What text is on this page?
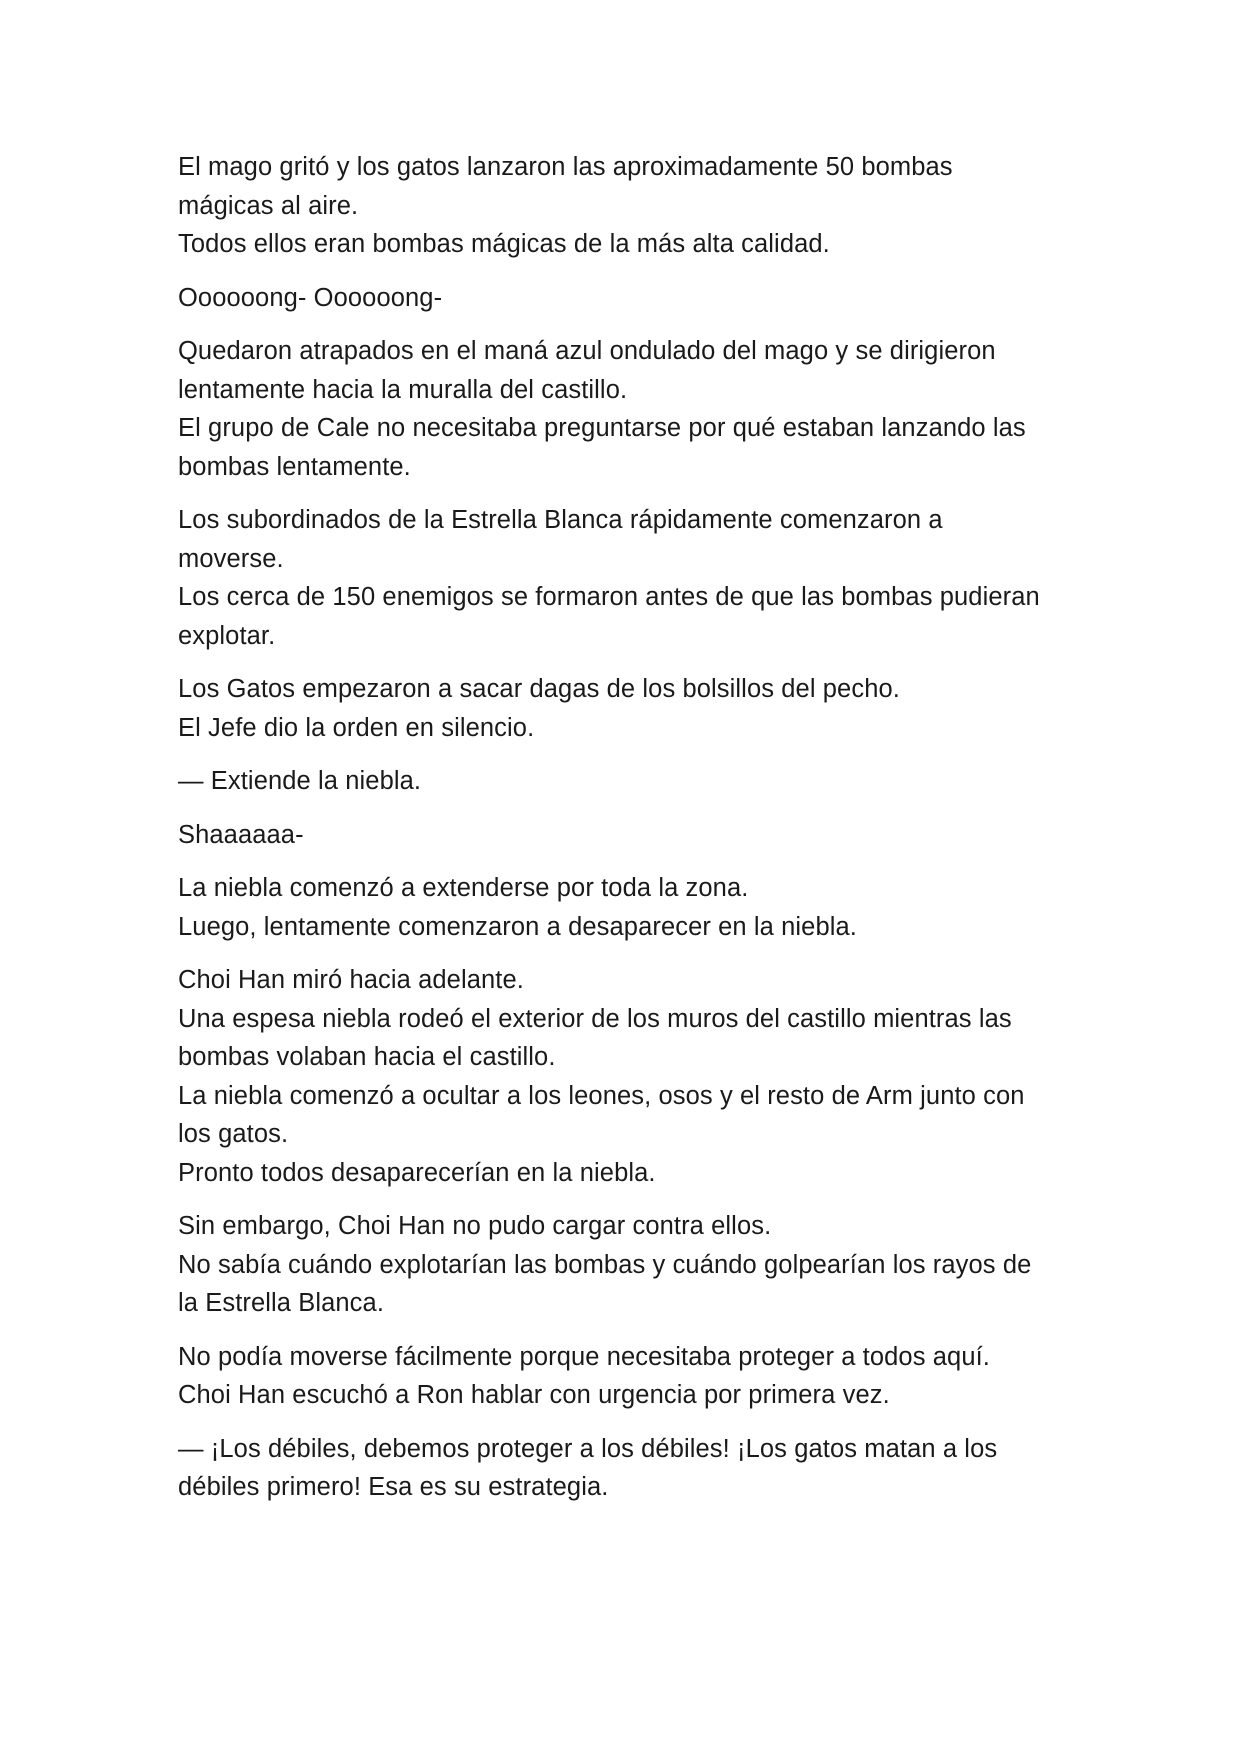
El mago gritó y los gatos lanzaron las aproximadamente 50 bombas
mágicas al aire.
Todos ellos eran bombas mágicas de la más alta calidad.
Oooooong- Oooooong-
Quedaron atrapados en el maná azul ondulado del mago y se dirigieron
lentamente hacia la muralla del castillo.
El grupo de Cale no necesitaba preguntarse por qué estaban lanzando las
bombas lentamente.
Los subordinados de la Estrella Blanca rápidamente comenzaron a
moverse.
Los cerca de 150 enemigos se formaron antes de que las bombas pudieran
explotar.
Los Gatos empezaron a sacar dagas de los bolsillos del pecho.
El Jefe dio la orden en silencio.
— Extiende la niebla.
Shaaaaaa-
La niebla comenzó a extenderse por toda la zona.
Luego, lentamente comenzaron a desaparecer en la niebla.
Choi Han miró hacia adelante.
Una espesa niebla rodeó el exterior de los muros del castillo mientras las
bombas volaban hacia el castillo.
La niebla comenzó a ocultar a los leones, osos y el resto de Arm junto con
los gatos.
Pronto todos desaparecerían en la niebla.
Sin embargo, Choi Han no pudo cargar contra ellos.
No sabía cuándo explotarían las bombas y cuándo golpearían los rayos de
la Estrella Blanca.
No podía moverse fácilmente porque necesitaba proteger a todos aquí.
Choi Han escuchó a Ron hablar con urgencia por primera vez.
— ¡Los débiles, debemos proteger a los débiles! ¡Los gatos matan a los
débiles primero! Esa es su estrategia.
